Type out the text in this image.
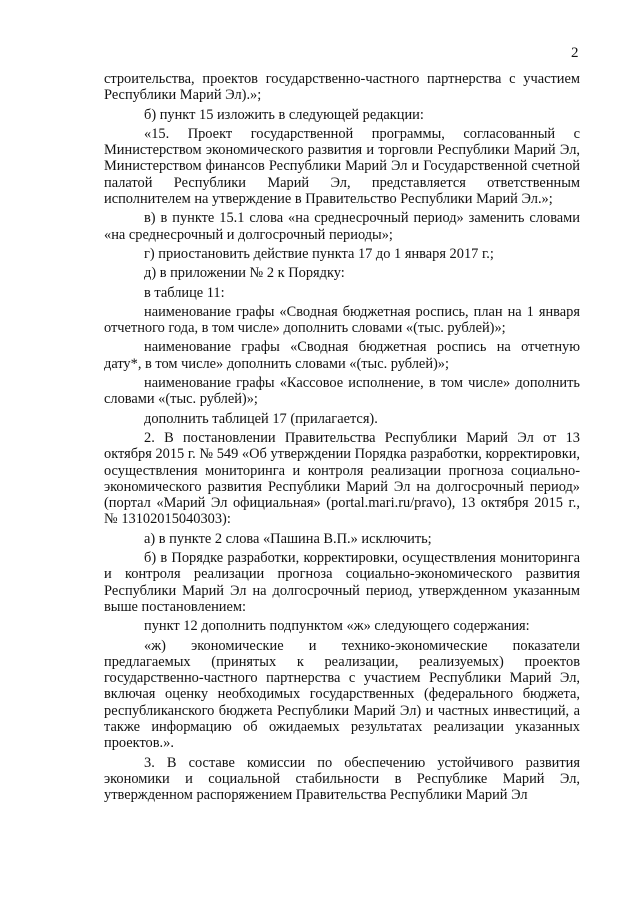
2

строительства, проектов государственно-частного партнерства с участием Республики Марий Эл).»;

б) пункт 15 изложить в следующей редакции:

«15. Проект государственной программы, согласованный с Министерством экономического развития и торговли Республики Марий Эл, Министерством финансов Республики Марий Эл и Государственной счетной палатой Республики Марий Эл, представляется ответственным исполнителем на утверждение в Правительство Республики Марий Эл.»;

в) в пункте 15.1 слова «на среднесрочный период» заменить словами «на среднесрочный и долгосрочный периоды»;

г) приостановить действие пункта 17 до 1 января 2017 г.;

д) в приложении № 2 к Порядку:

в таблице 11:

наименование графы «Сводная бюджетная роспись, план на 1 января отчетного года, в том числе» дополнить словами «(тыс. рублей)»;

наименование графы «Сводная бюджетная роспись на отчетную дату*, в том числе» дополнить словами «(тыс. рублей)»;

наименование графы «Кассовое исполнение, в том числе» дополнить словами «(тыс. рублей)»;

дополнить таблицей 17 (прилагается).

2. В постановлении Правительства Республики Марий Эл от 13 октября 2015 г. № 549 «Об утверждении Порядка разработки, корректировки, осуществления мониторинга и контроля реализации прогноза социально-экономического развития Республики Марий Эл на долгосрочный период» (портал «Марий Эл официальная» (portal.mari.ru/pravo), 13 октября 2015 г., № 13102015040303):

а) в пункте 2 слова «Пашина В.П.» исключить;

б) в Порядке разработки, корректировки, осуществления мониторинга и контроля реализации прогноза социально-экономического развития Республики Марий Эл на долгосрочный период, утвержденном указанным выше постановлением:

пункт 12 дополнить подпунктом «ж» следующего содержания:

«ж) экономические и технико-экономические показатели предлагаемых (принятых к реализации, реализуемых) проектов государственно-частного партнерства с участием Республики Марий Эл, включая оценку необходимых государственных (федерального бюджета, республиканского бюджета Республики Марий Эл) и частных инвестиций, а также информацию об ожидаемых результатах реализации указанных проектов.».

3. В составе комиссии по обеспечению устойчивого развития экономики и социальной стабильности в Республике Марий Эл, утвержденном распоряжением Правительства Республики Марий Эл
